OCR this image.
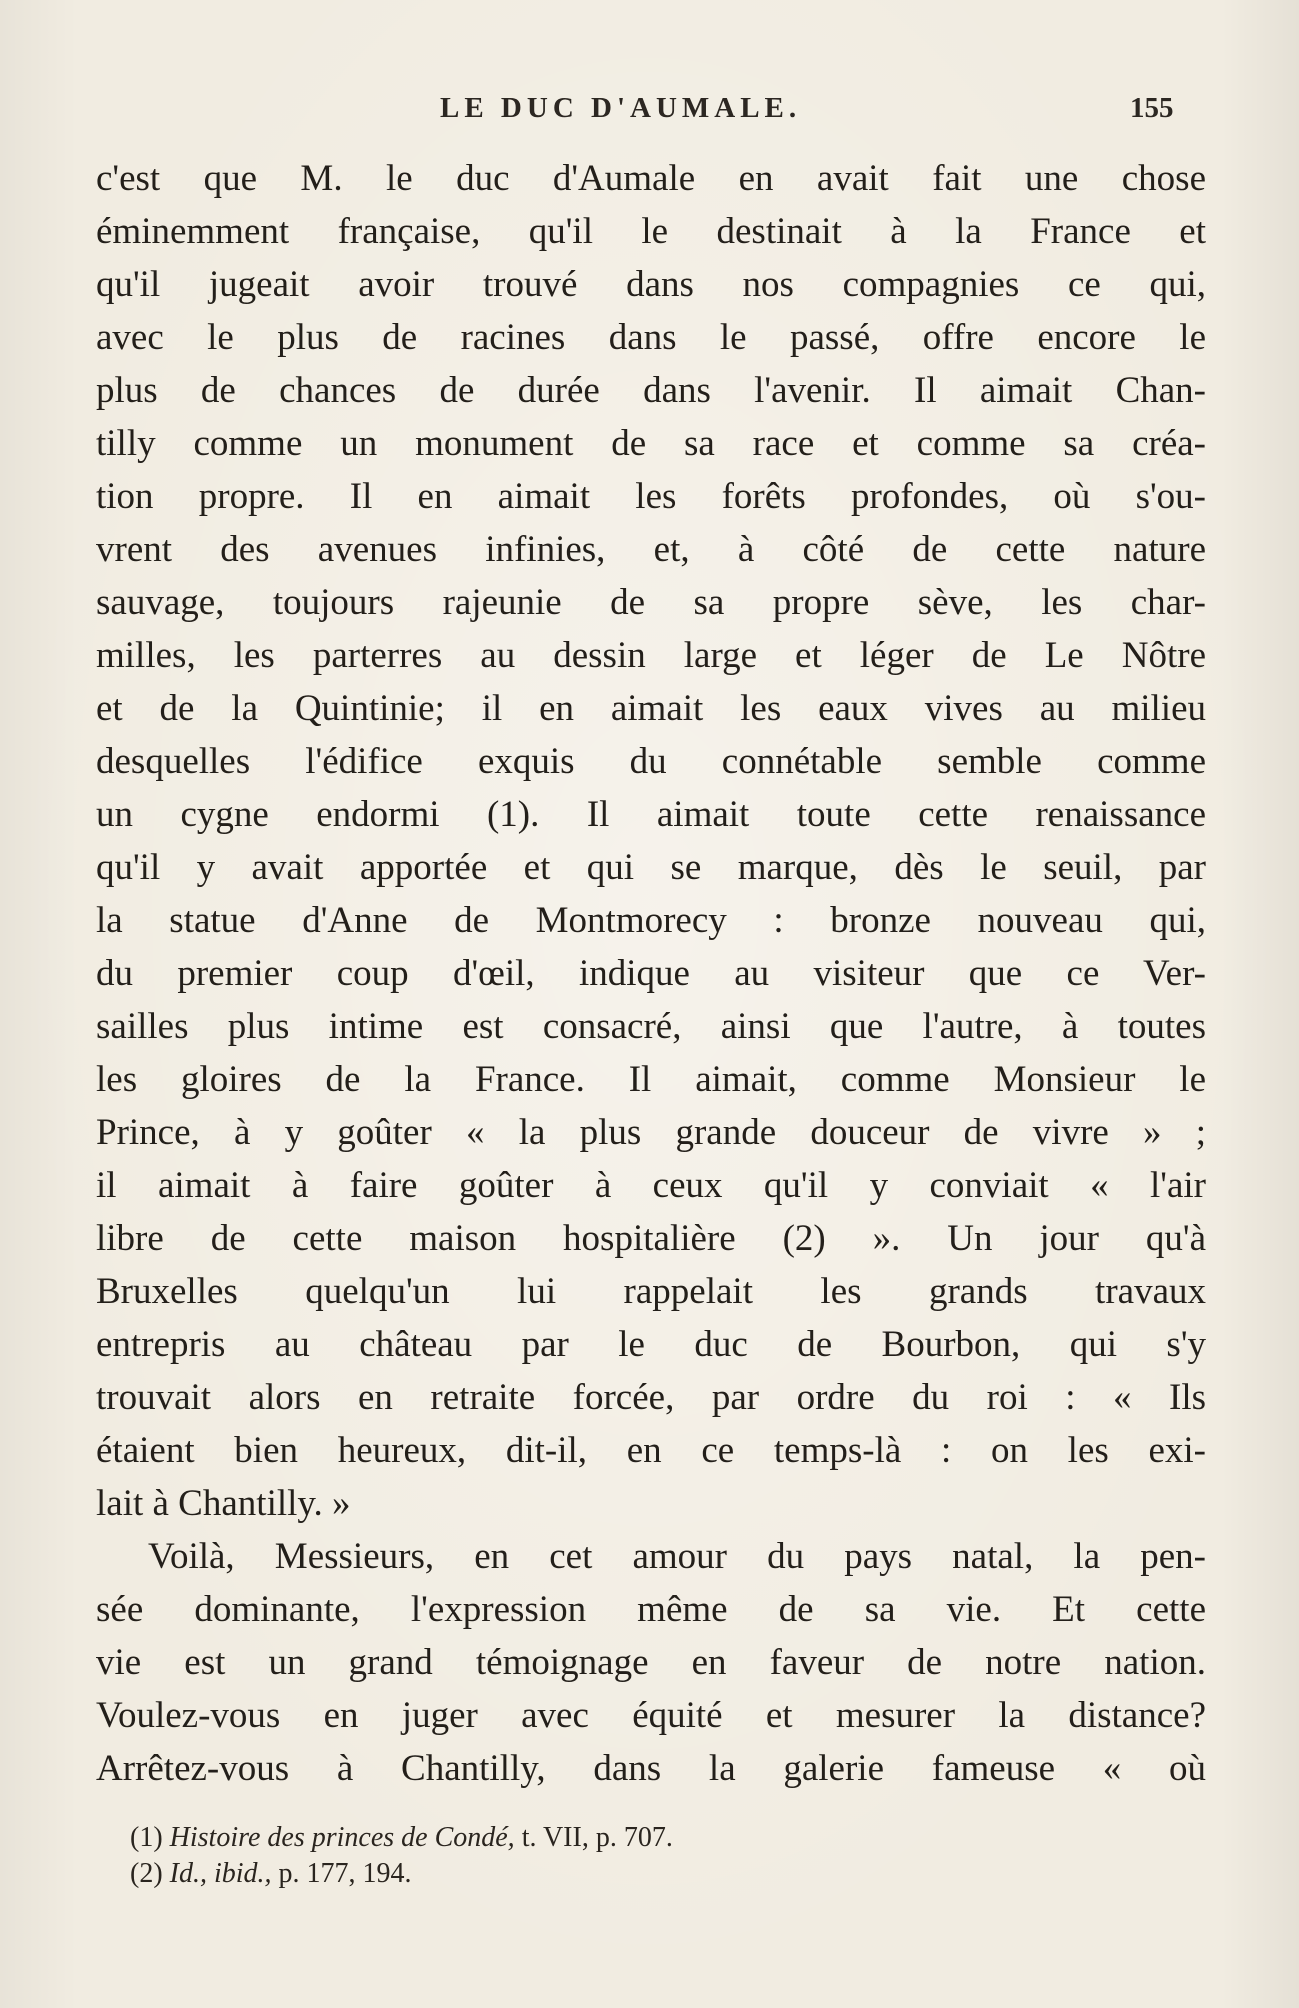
LE DUC D'AUMALE.	155
c'est que M. le duc d'Aumale en avait fait une chose
éminemment française, qu'il le destinait à la France et
qu'il jugeait avoir trouvé dans nos compagnies ce qui,
avec le plus de racines dans le passé, offre encore le
plus de chances de durée dans l'avenir. Il aimait Chan-
tilly comme un monument de sa race et comme sa créa-
tion propre. Il en aimait les forêts profondes, où s'ou-
vrent des avenues infinies, et, à côté de cette nature
sauvage, toujours rajeunie de sa propre sève, les char-
milles, les parterres au dessin large et léger de Le Nôtre
et de la Quintinie; il en aimait les eaux vives au milieu
desquelles l'édifice exquis du connétable semble comme
un cygne endormi (1). Il aimait toute cette renaissance
qu'il y avait apportée et qui se marque, dès le seuil, par
la statue d'Anne de Montmorecy : bronze nouveau qui,
du premier coup d'œil, indique au visiteur que ce Ver-
sailles plus intime est consacré, ainsi que l'autre, à toutes
les gloires de la France. Il aimait, comme Monsieur le
Prince, à y goûter « la plus grande douceur de vivre » ;
il aimait à faire goûter à ceux qu'il y conviait « l'air
libre de cette maison hospitalière (2) ». Un jour qu'à
Bruxelles quelqu'un lui rappelait les grands travaux
entrepris au château par le duc de Bourbon, qui s'y
trouvait alors en retraite forcée, par ordre du roi : « Ils
étaient bien heureux, dit-il, en ce temps-là : on les exi-
lait à Chantilly. »
Voilà, Messieurs, en cet amour du pays natal, la pen-
sée dominante, l'expression même de sa vie. Et cette
vie est un grand témoignage en faveur de notre nation.
Voulez-vous en juger avec équité et mesurer la distance?
Arrêtez-vous à Chantilly, dans la galerie fameuse « où
(1) Histoire des princes de Condé, t. VII, p. 707.
(2) Id., ibid., p. 177, 194.
